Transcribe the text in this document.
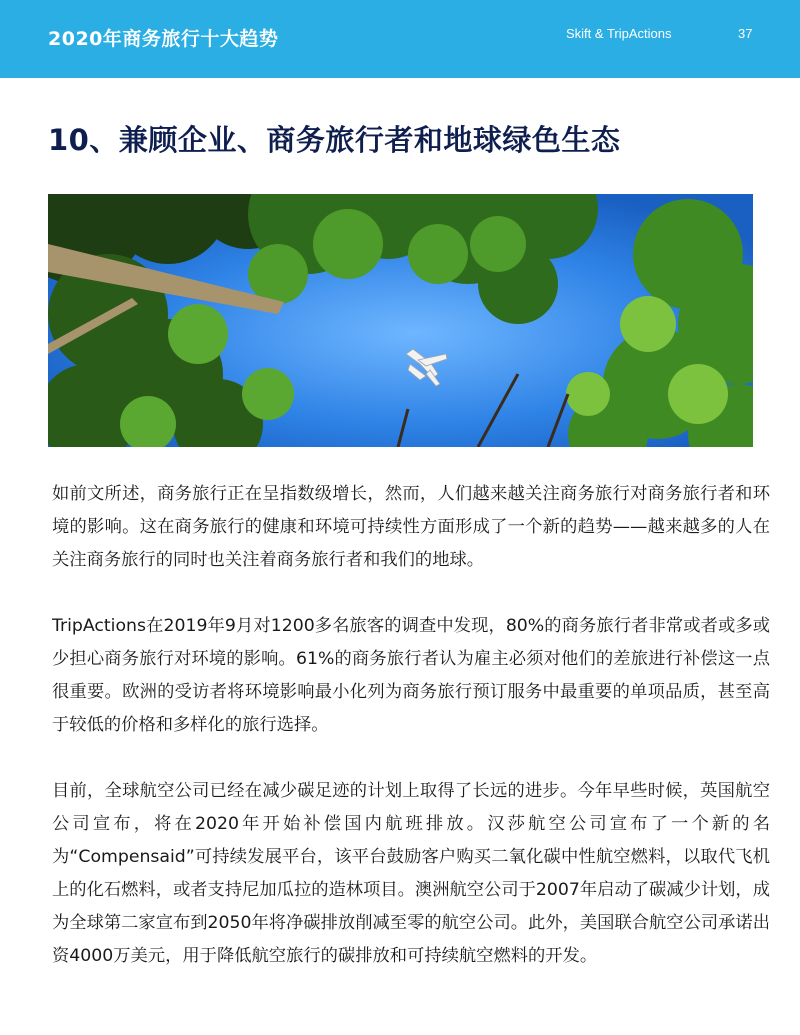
2020年商务旅行十大趋势	Skift & TripActions	37
10、兼顾企业、商务旅行者和地球绿色生态

如前文所述，商务旅行正在呈指数级增长，然而，人们越来越关注商务旅行对商务旅行者和环境的影响。这在商务旅行的健康和环境可持续性方面形成了一个新的趋势——越来越多的人在关注商务旅行的同时也关注着商务旅行者和我们的地球。

TripActions在2019年9月对1200多名旅客的调查中发现，80%的商务旅行者非常或者或多或少担心商务旅行对环境的影响。61%的商务旅行者认为雇主必须对他们的差旅进行补偿这一点很重要。欧洲的受访者将环境影响最小化列为商务旅行预订服务中最重要的单项品质，甚至高于较低的价格和多样化的旅行选择。

目前，全球航空公司已经在减少碳足迹的计划上取得了长远的进步。今年早些时候，英国航空公司宣布，将在2020年开始补偿国内航班排放。汉莎航空公司宣布了一个新的名为“Compensaid”可持续发展平台，该平台鼓励客户购买二氧化碳中性航空燃料，以取代飞机上的化石燃料，或者支持尼加瓜拉的造林项目。澳洲航空公司于2007年启动了碳减少计划，成为全球第二家宣布到2050年将净碳排放削减至零的航空公司。此外，美国联合航空公司承诺出资4000万美元，用于降低航空旅行的碳排放和可持续航空燃料的开发。
